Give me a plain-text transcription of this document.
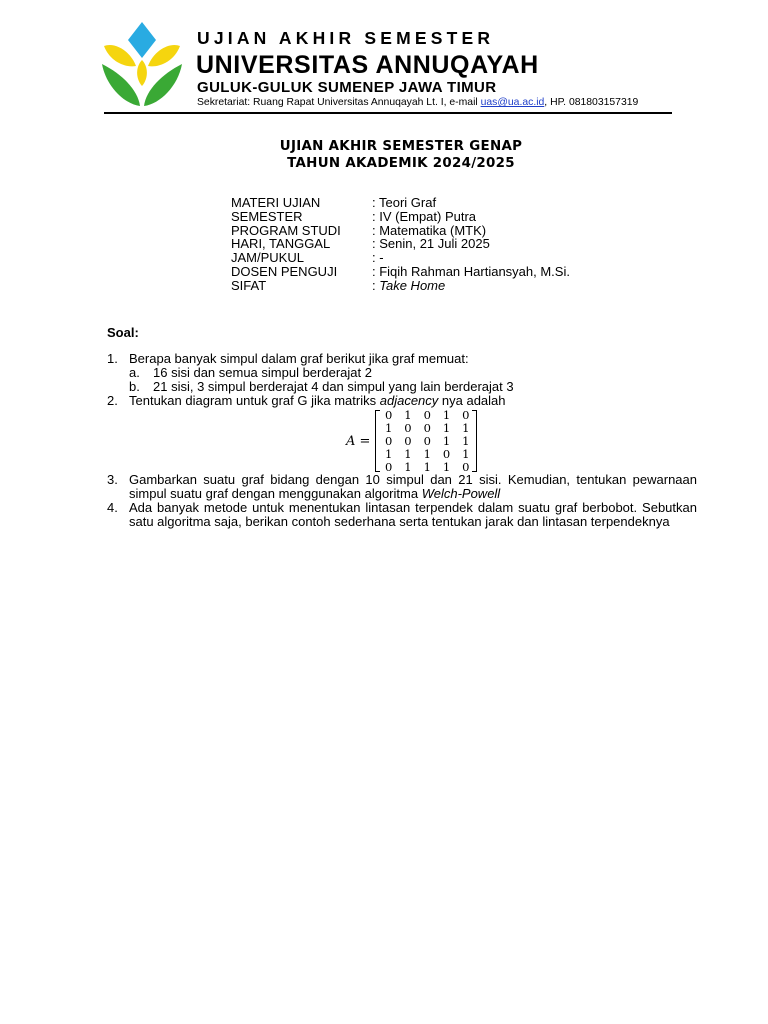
UJIAN AKHIR SEMESTER
UNIVERSITAS ANNUQAYAH
GULUK-GULUK SUMENEP JAWA TIMUR
Sekretariat: Ruang Rapat Universitas Annuqayah Lt. I, e-mail uas@ua.ac.id, HP. 081803157319
UJIAN AKHIR SEMESTER GENAP
TAHUN AKADEMIK 2024/2025
MATERI UJIAN	: Teori Graf
SEMESTER	: IV (Empat) Putra
PROGRAM STUDI	: Matematika (MTK)
HARI, TANGGAL	: Senin, 21 Juli 2025
JAM/PUKUL	: -
DOSEN PENGUJI	: Fiqih Rahman Hartiansyah, M.Si.
SIFAT	: Take Home
Soal:
1. Berapa banyak simpul dalam graf berikut jika graf memuat:
a. 16 sisi dan semua simpul berderajat 2
b. 21 sisi, 3 simpul berderajat 4 dan simpul yang lain berderajat 3
2. Tentukan diagram untuk graf G jika matriks adjacency nya adalah
A =
0	1	0	1	0
1	0	0	1	1
0	0	0	1	1
1	1	1	0	1
0	1	1	1	0
3. Gambarkan suatu graf bidang dengan 10 simpul dan 21 sisi. Kemudian, tentukan pewarnaan simpul suatu graf dengan menggunakan algoritma Welch-Powell
4. Ada banyak metode untuk menentukan lintasan terpendek dalam suatu graf berbobot. Sebutkan satu algoritma saja, berikan contoh sederhana serta tentukan jarak dan lintasan terpendeknya
